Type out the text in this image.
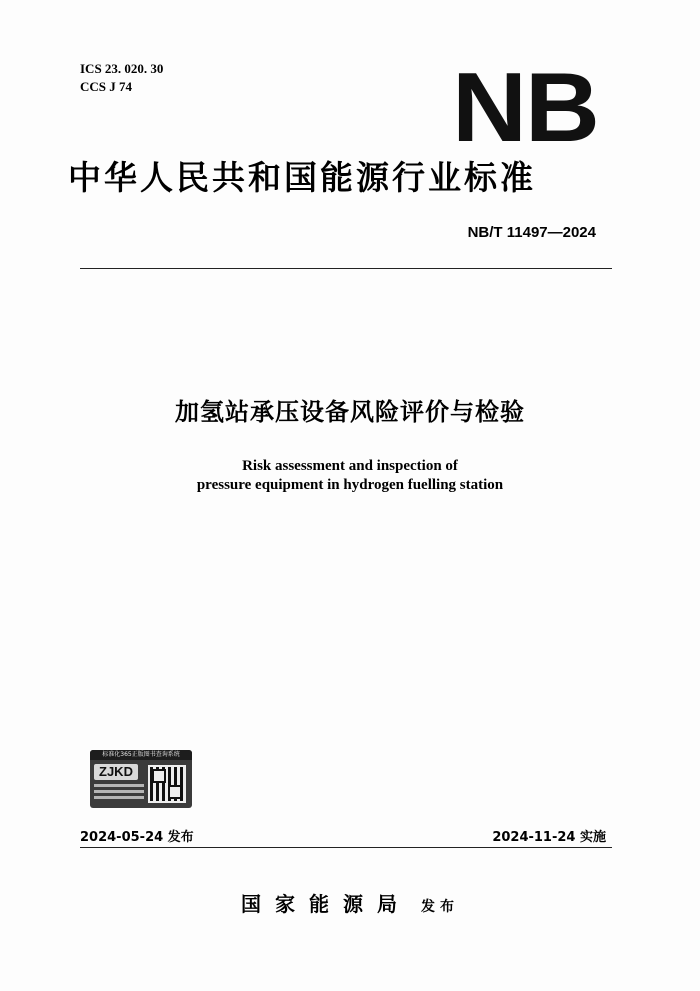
ICS 23. 020. 30
CCS J 74	NB
中华人民共和国能源行业标准
NB/T 11497—2024
加氢站承压设备风险评价与检验
Risk assessment and inspection of
pressure equipment in hydrogen fuelling station
标准化365正版图书查询系统
ZJKD
2024-05-24 发布	2024-11-24 实施
国家能源局 发布
